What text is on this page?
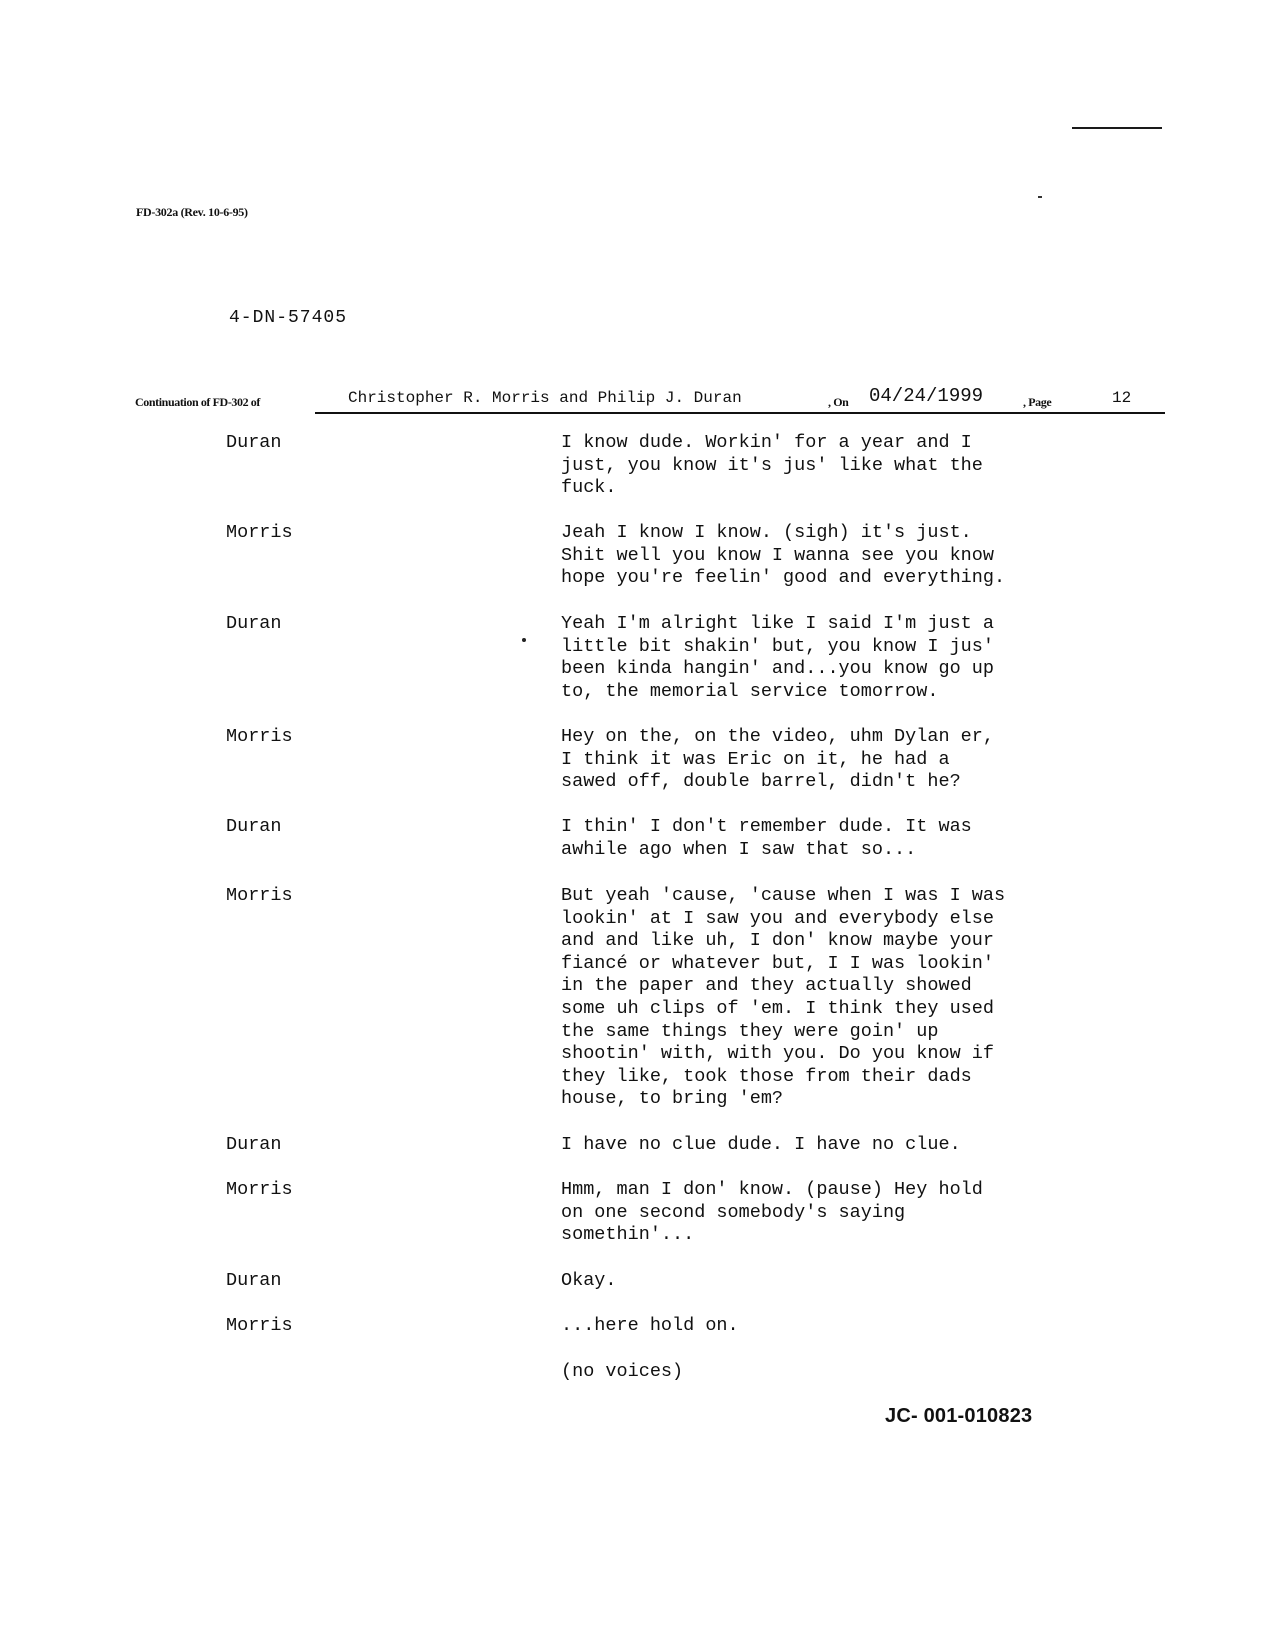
FD-302a (Rev. 10-6-95)
4-DN-57405
Continuation of FD-302 of	Christopher R. Morris and Philip J. Duran	, On 04/24/1999	, Page	12
Duran	I know dude. Workin' for a year and I
just, you know it's jus' like what the
fuck.
Morris	Jeah I know I know. (sigh) it's just.
Shit well you know I wanna see you know
hope you're feelin' good and everything.
Duran	Yeah I'm alright like I said I'm just a
little bit shakin' but, you know I jus'
been kinda hangin' and...you know go up
to, the memorial service tomorrow.
Morris	Hey on the, on the video, uhm Dylan er,
I think it was Eric on it, he had a
sawed off, double barrel, didn't he?
Duran	I thin' I don't remember dude. It was
awhile ago when I saw that so...
Morris	But yeah 'cause, 'cause when I was I was
lookin' at I saw you and everybody else
and and like uh, I don' know maybe your
fiancé or whatever but, I I was lookin'
in the paper and they actually showed
some uh clips of 'em. I think they used
the same things they were goin' up
shootin' with, with you. Do you know if
they like, took those from their dads
house, to bring 'em?
Duran	I have no clue dude. I have no clue.
Morris	Hmm, man I don' know. (pause) Hey hold
on one second somebody's saying
somethin'...
Duran	Okay.
Morris	...here hold on.
(no voices)
JC- 001-010823
